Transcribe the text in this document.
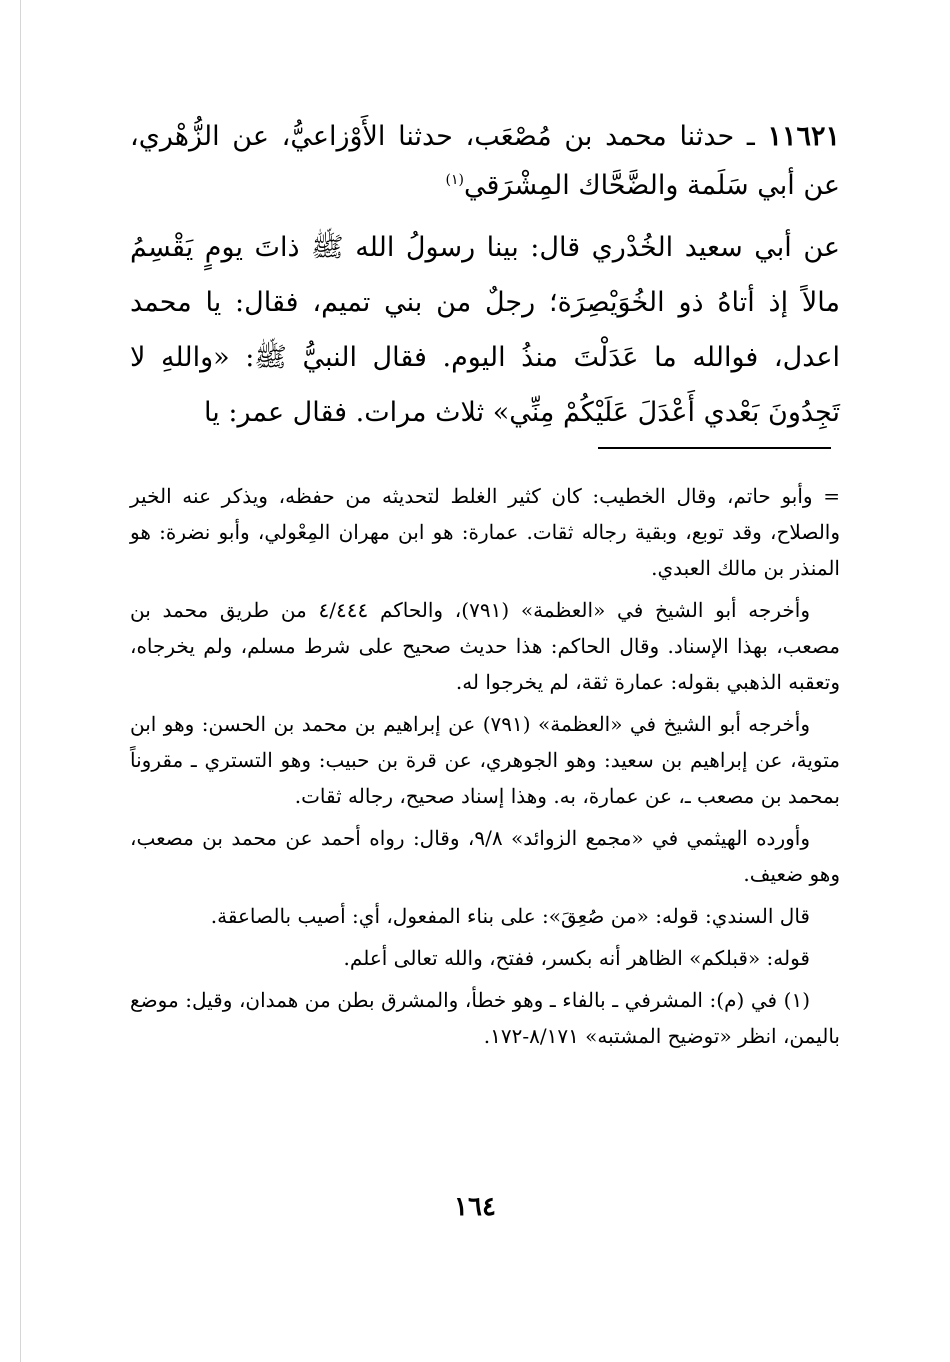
١١٦٢١ ـ حدثنا محمد بن مُصْعَب، حدثنا الأَوْزاعيُّ، عن الزُّهْري، عن أبي سَلَمة والضَّحَّاك المِشْرَقي$^{(١)}$

عن أبي سعيد الخُدْري قال: بينا رسولُ الله ﷺ ذاتَ يومٍ يَقْسِمُ مالاً إذ أتاهُ ذو الخُوَيْصِرَة؛ رجلٌ من بني تميم، فقال: يا محمد اعدل، فوالله ما عَدَلْتَ منذُ اليوم. فقال النبيُّ ﷺ: «واللهِ لا تَجِدُونَ بَعْدي أَعْدَلَ عَلَيْكُمْ مِنِّي» ثلاث مرات. فقال عمر: يا

= وأبو حاتم، وقال الخطيب: كان كثير الغلط لتحديثه من حفظه، ويذكر عنه الخير والصلاح، وقد توبع، وبقية رجاله ثقات. عمارة: هو ابن مهران المِعْولي، وأبو نضرة: هو المنذر بن مالك العبدي.

وأخرجه أبو الشيخ في «العظمة» (٧٩١)، والحاكم ٤/٤٤٤ من طريق محمد بن مصعب، بهذا الإسناد. وقال الحاكم: هذا حديث صحيح على شرط مسلم، ولم يخرجاه، وتعقبه الذهبي بقوله: عمارة ثقة، لم يخرجوا له.

وأخرجه أبو الشيخ في «العظمة» (٧٩١) عن إبراهيم بن محمد بن الحسن: وهو ابن متوية، عن إبراهيم بن سعيد: وهو الجوهري، عن قرة بن حبيب: وهو التستري ـ مقروناً بمحمد بن مصعب ـ، عن عمارة، به. وهذا إسناد صحيح، رجاله ثقات.

وأورده الهيثمي في «مجمع الزوائد» ٩/٨، وقال: رواه أحمد عن محمد بن مصعب، وهو ضعيف.

قال السندي: قوله: «من صُعِقَ»: على بناء المفعول، أي: أصيب بالصاعقة.

قوله: «قبلكم» الظاهر أنه بكسر، ففتح، والله تعالى أعلم.

(١) في (م): المشرفي ـ بالفاء ـ وهو خطأ، والمشرق بطن من همدان، وقيل: موضع باليمن، انظر «توضيح المشتبه» ٨/١٧١-١٧٢.

١٦٤
